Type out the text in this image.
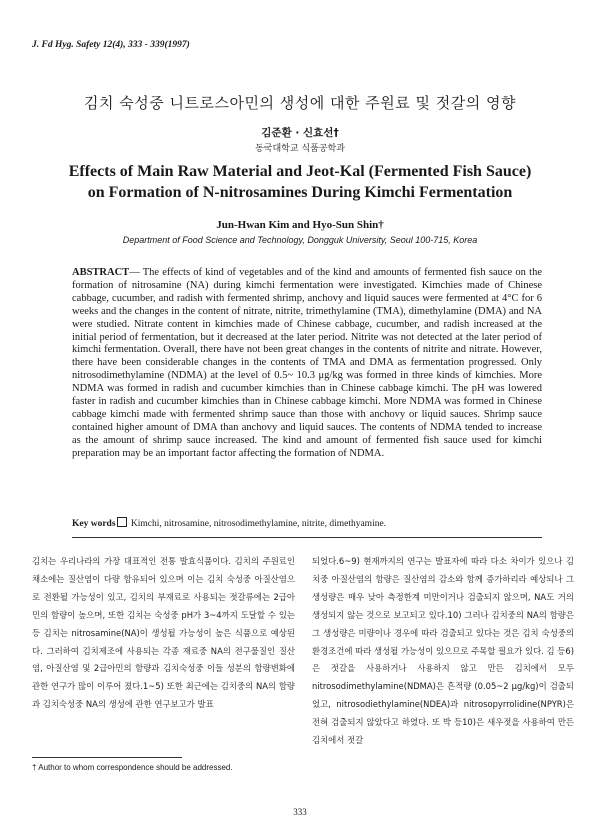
J. Fd Hyg. Safety 12(4), 333 - 339(1997)
김치 숙성중 니트로스아민의 생성에 대한 주원료 및 젓갈의 영향
김준환 · 신효선†
동국대학교 식품공학과
Effects of Main Raw Material and Jeot-Kal (Fermented Fish Sauce)
on Formation of N-nitrosamines During Kimchi Fermentation
Jun-Hwan Kim and Hyo-Sun Shin†
Department of Food Science and Technology, Dongguk University, Seoul 100-715, Korea
ABSTRACT— The effects of kind of vegetables and of the kind and amounts of fermented fish sauce on the formation of nitrosamine (NA) during kimchi fermentation were investigated. Kimchies made of Chinese cabbage, cucumber, and radish with fermented shrimp, anchovy and liquid sauces were fermented at 4°C for 6 weeks and the changes in the content of nitrate, nitrite, trimethylamine (TMA), dimethylamine (DMA) and NA were studied. Nitrate content in kimchies made of Chinese cabbage, cucumber, and radish increased at the initial period of fermentation, but it decreased at the later period. Nitrite was not detected at the later period of kimchi fermentation. Overall, there have not been great changes in the contents of nitrite and nitrate. However, there have been considerable changes in the contents of TMA and DMA as fermentation progressed. Only nitrosodimethylamine (NDMA) at the level of 0.5~ 10.3 μg/kg was formed in three kinds of kimchies. More NDMA was formed in radish and cucumber kimchies than in Chinese cabbage kimchi. The pH was lowered faster in radish and cucumber kimchies than in Chinese cabbage kimchi. More NDMA was formed in Chinese cabbage kimchi made with fermented shrimp sauce than those with anchovy or liquid sauces. Shrimp sauce contained higher amount of DMA than anchovy and liquid sauces. The contents of NDMA tended to increase as the amount of shrimp sauce increased. The kind and amount of fermented fish sauce used for kimchi preparation may be an important factor affecting the formation of NDMA.
Key words Kimchi, nitrosamine, nitrosodimethylamine, nitrite, dimethyamine.

김치는 우리나라의 가장 대표적인 전통 발효식품이다. 김치의 주원료인 채소에는 질산염이 다량 함유되어 있으며 이는 김치 숙성중 아질산염으로 전환될 가능성이 있고, 김치의 부재료로 사용되는 젓갈류에는 2급아민의 함량이 높으며, 또한 김치는 숙성중 pH가 3~4까지 도달할 수 있는등 김치는 nitrosamine(NA)이 생성될 가능성이 높은 식품으로 예상된다. 그러하여 김치제조에 사용되는 각종 재료중 NA의 전구물질인 질산염, 아질산염 및 2급아민의 함량과 김치숙성중 이들 성분의 함량변화에 관한 연구가 많이 이루어 졌다.1~5) 또한 최근에는 김치중의 NA의 함량과 김치숙성중 NA의 생성에 관한 연구보고가 발표

되었다.6~9) 현재까지의 연구는 발표자에 따라 다소 차이가 있으나 김치중 아질산염의 함량은 질산염의 감소와 함께 증가하리라 예상되나 그 생성량은 매우 낮아 측정한계 미만이거나 검출되지 않으며, NA도 거의 생성되지 않는 것으로 보고되고 있다.10) 그러나 김치중의 NA의 함량은 그 생성량은 미량이나 경우에 따라 검출되고 있다는 것은 김치 숙성중의 환경조건에 따라 생성될 가능성이 있으므로 주목할 필요가 있다. 김 등6)은 젓갈을 사용하거나 사용하지 않고 만든 김치에서 모두 nitrosodimethylamine(NDMA)은 흔적량 (0.05~2 μg/kg)이 검출되었고, nitrosodiethylamine(NDEA)과 nitrosopyrrolidine(NPYR)은 전혀 검출되지 않았다고 하였다. 또 박 등10)은 새우젓을 사용하여 만든 김치에서 젓갈

† Author to whom correspondence should be addressed.
333
